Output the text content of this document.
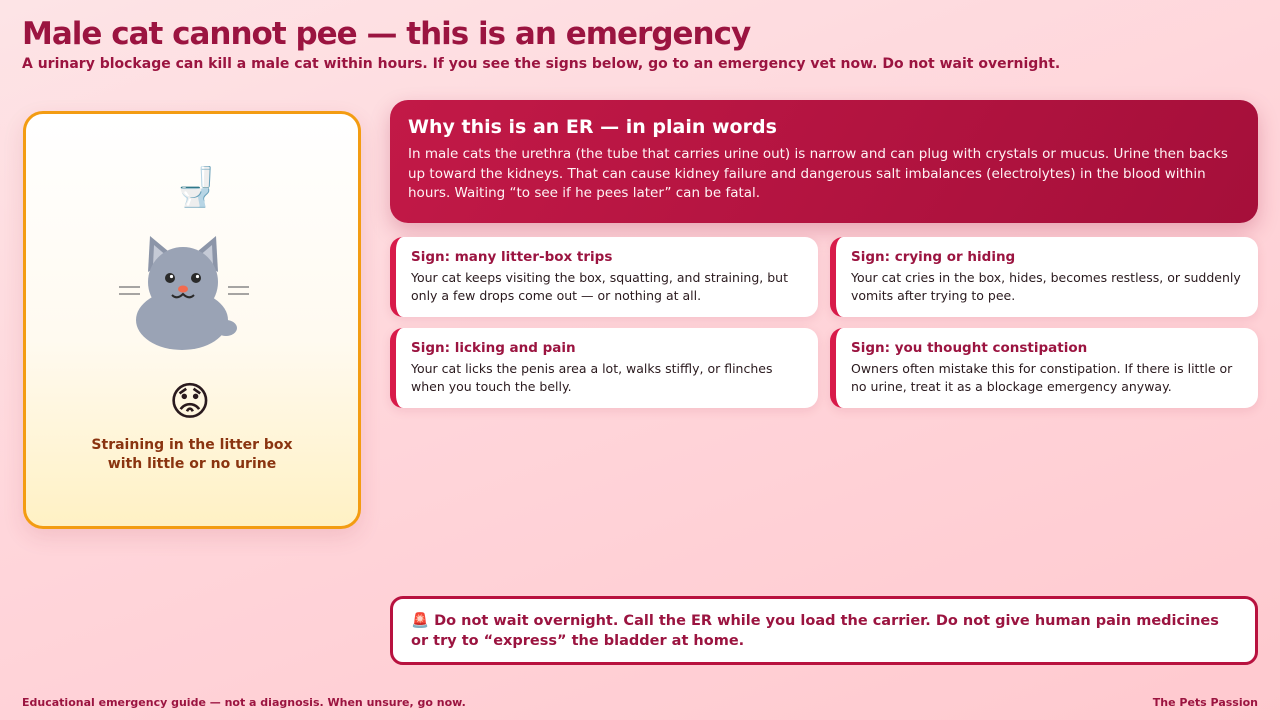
Male cat cannot pee — this is an emergency

A urinary blockage can kill a male cat within hours. If you see the signs below, go to an emergency vet now. Do not wait overnight.

🚽
😟
Straining in the litter box
with little or no urine
Why this is an ER — in plain words

In male cats the urethra (the tube that carries urine out) is narrow and can plug with crystals or mucus. Urine then backs up toward the kidneys. That can cause kidney failure and dangerous salt imbalances (electrolytes) in the blood within hours. Waiting “to see if he pees later” can be fatal.

Sign: many litter-box trips
Your cat keeps visiting the box, squatting, and straining, but only a few drops come out — or nothing at all.
Sign: crying or hiding
Your cat cries in the box, hides, becomes restless, or suddenly vomits after trying to pee.
Sign: licking and pain
Your cat licks the penis area a lot, walks stiffly, or flinches when you touch the belly.
Sign: you thought constipation
Owners often mistake this for constipation. If there is little or no urine, treat it as a blockage emergency anyway.
🚨 Do not wait overnight. Call the ER while you load the carrier. Do not give human pain medicines or try to “express” the bladder at home.
Educational emergency guide — not a diagnosis. When unsure, go now.	The Pets Passion
